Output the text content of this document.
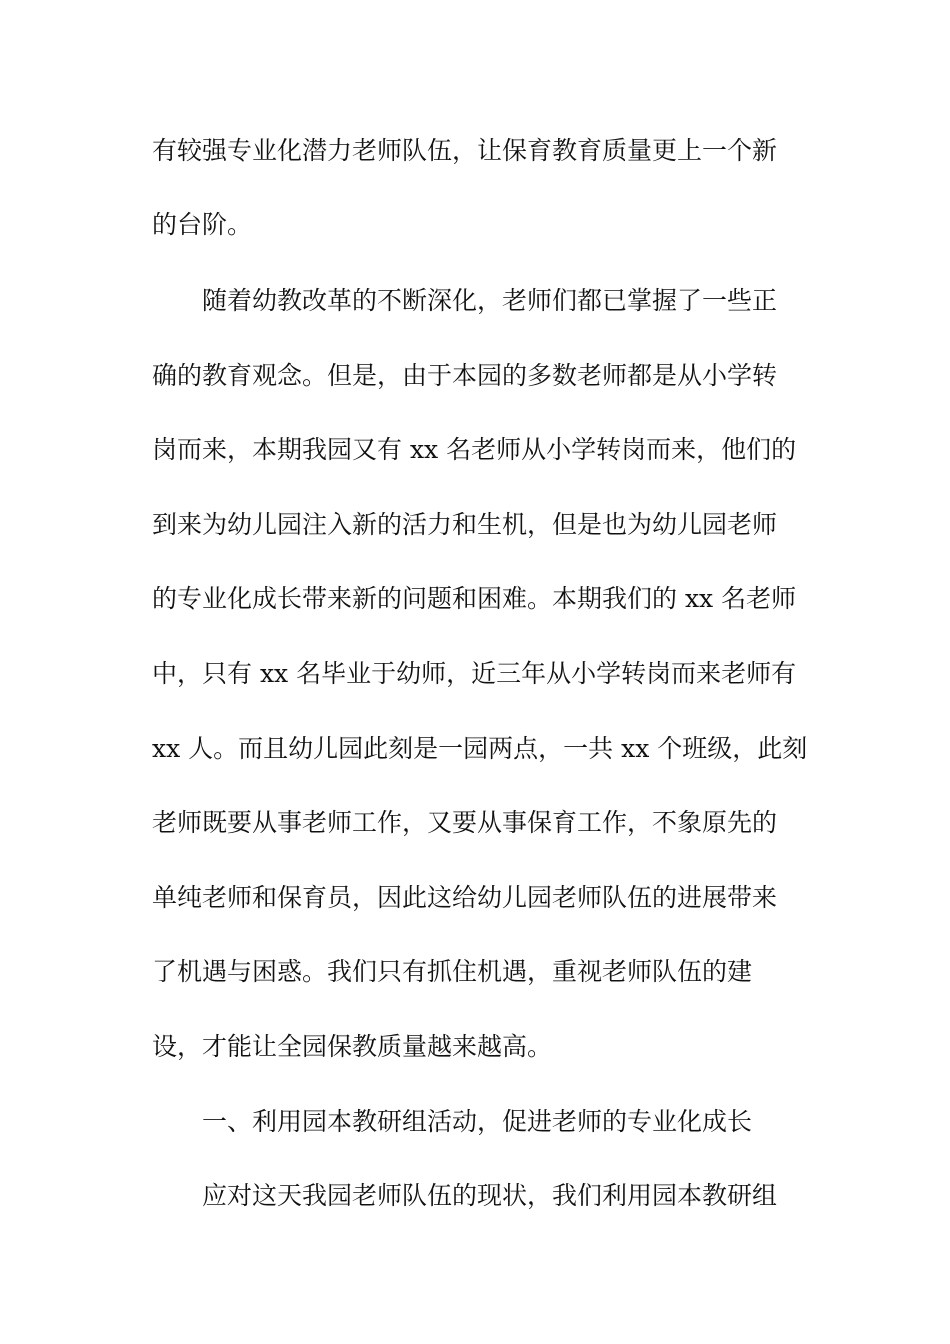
有较强专业化潜力老师队伍，让保育教育质量更上一个新
的台阶。
随着幼教改革的不断深化，老师们都已掌握了一些正
确的教育观念。但是，由于本园的多数老师都是从小学转
岗而来，本期我园又有 xx 名老师从小学转岗而来，他们的
到来为幼儿园注入新的活力和生机，但是也为幼儿园老师
的专业化成长带来新的问题和困难。本期我们的 xx 名老师
中，只有 xx 名毕业于幼师，近三年从小学转岗而来老师有
xx 人。而且幼儿园此刻是一园两点，一共 xx 个班级，此刻
老师既要从事老师工作，又要从事保育工作，不象原先的
单纯老师和保育员，因此这给幼儿园老师队伍的进展带来
了机遇与困惑。我们只有抓住机遇，重视老师队伍的建
设，才能让全园保教质量越来越高。
一、利用园本教研组活动，促进老师的专业化成长
应对这天我园老师队伍的现状，我们利用园本教研组
